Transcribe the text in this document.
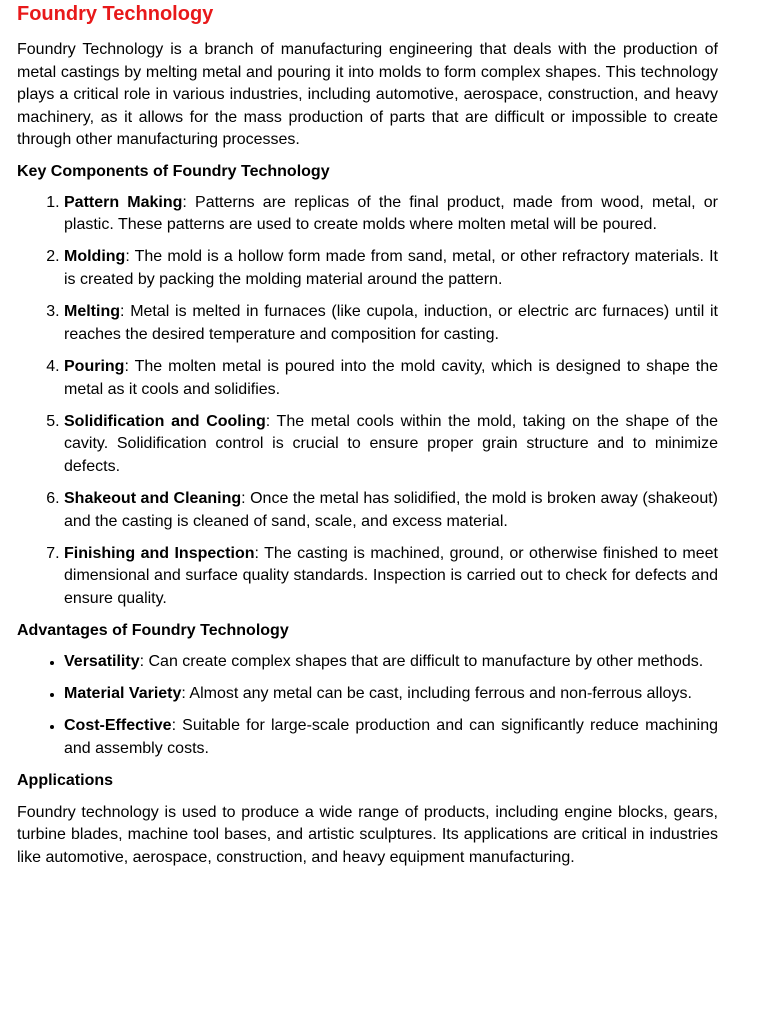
Foundry Technology

Foundry Technology is a branch of manufacturing engineering that deals with the production of metal castings by melting metal and pouring it into molds to form complex shapes. This technology plays a critical role in various industries, including automotive, aerospace, construction, and heavy machinery, as it allows for the mass production of parts that are difficult or impossible to create through other manufacturing processes.

Key Components of Foundry Technology
1. Pattern Making: Patterns are replicas of the final product, made from wood, metal, or plastic. These patterns are used to create molds where molten metal will be poured.
2. Molding: The mold is a hollow form made from sand, metal, or other refractory materials. It is created by packing the molding material around the pattern.
3. Melting: Metal is melted in furnaces (like cupola, induction, or electric arc furnaces) until it reaches the desired temperature and composition for casting.
4. Pouring: The molten metal is poured into the mold cavity, which is designed to shape the metal as it cools and solidifies.
5. Solidification and Cooling: The metal cools within the mold, taking on the shape of the cavity. Solidification control is crucial to ensure proper grain structure and to minimize defects.
6. Shakeout and Cleaning: Once the metal has solidified, the mold is broken away (shakeout) and the casting is cleaned of sand, scale, and excess material.
7. Finishing and Inspection: The casting is machined, ground, or otherwise finished to meet dimensional and surface quality standards. Inspection is carried out to check for defects and ensure quality.
Advantages of Foundry Technology
• Versatility: Can create complex shapes that are difficult to manufacture by other methods.
• Material Variety: Almost any metal can be cast, including ferrous and non-ferrous alloys.
• Cost-Effective: Suitable for large-scale production and can significantly reduce machining and assembly costs.
Applications

Foundry technology is used to produce a wide range of products, including engine blocks, gears, turbine blades, machine tool bases, and artistic sculptures. Its applications are critical in industries like automotive, aerospace, construction, and heavy equipment manufacturing.
